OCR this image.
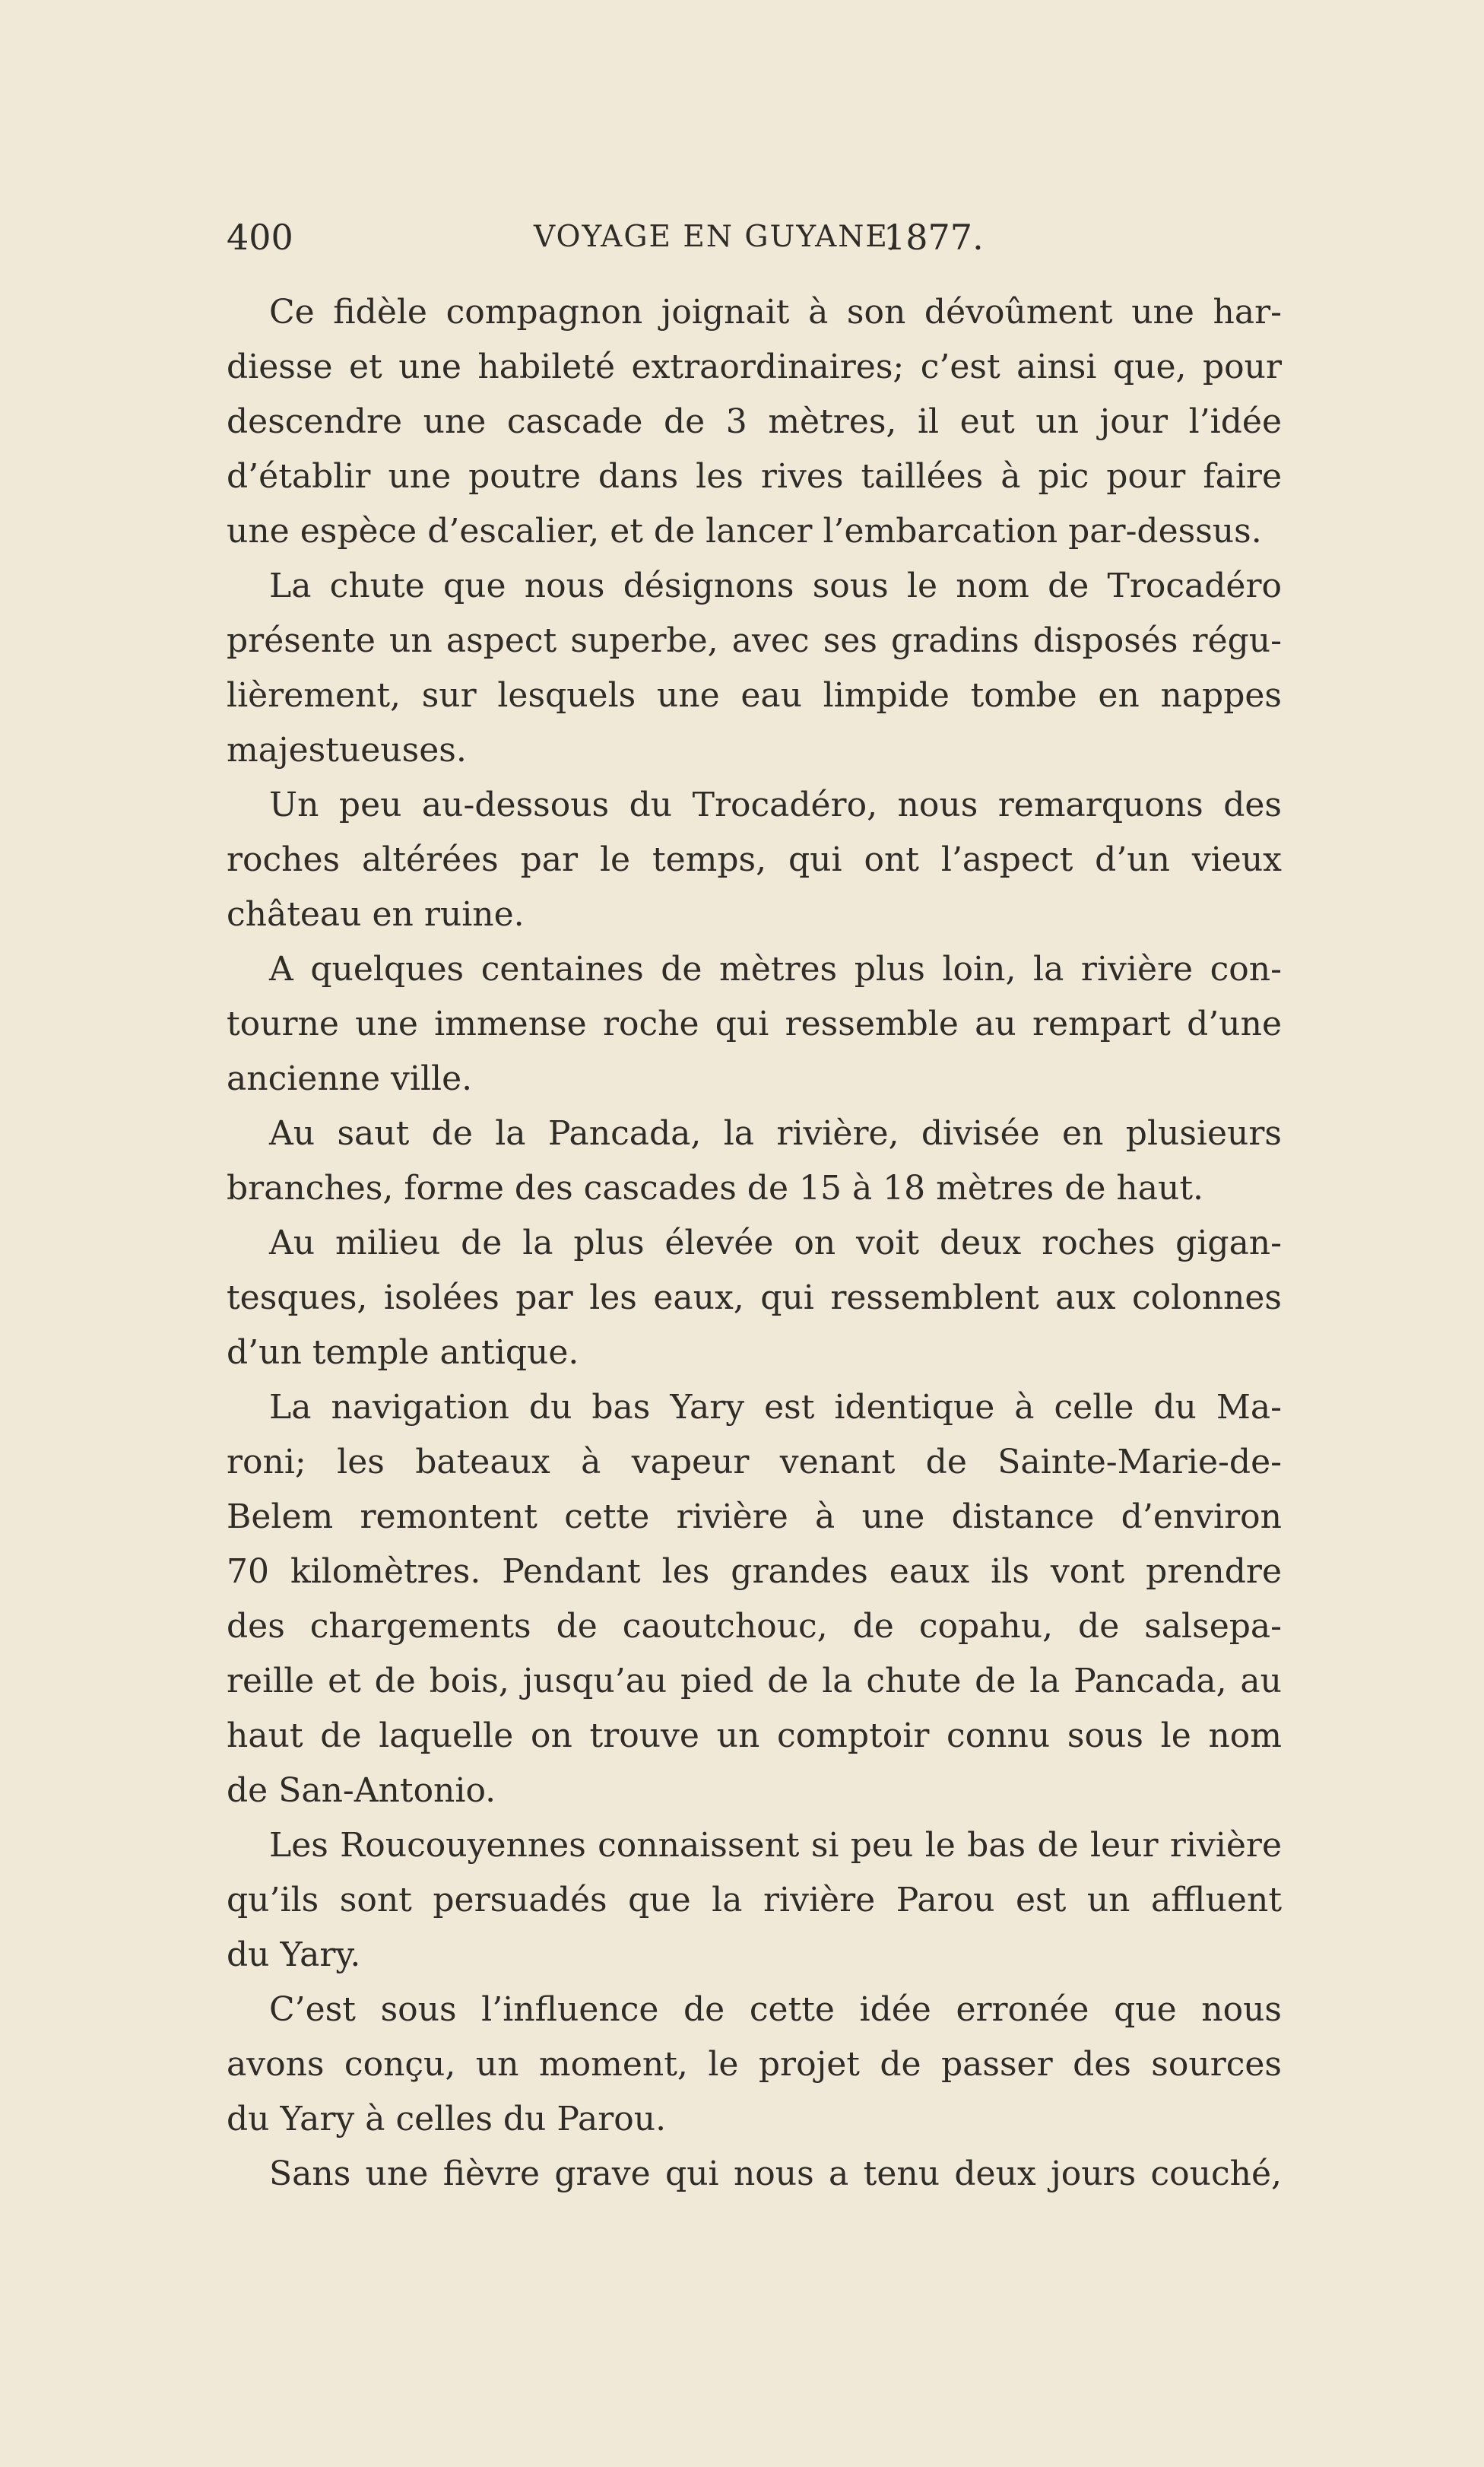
400	VOYAGE EN GUYANE,
1877.
Ce fidèle compagnon joignait à son dévoûment une har-
diesse et une habileté extraordinaires; c’est ainsi que, pour
descendre une cascade de 3 mètres, il eut un jour l’idée
d’établir une poutre dans les rives taillées à pic pour faire
une espèce d’escalier, et de lancer l’embarcation par-dessus.
La chute que nous désignons sous le nom de Trocadéro
présente un aspect superbe, avec ses gradins disposés régu-
lièrement, sur lesquels une eau limpide tombe en nappes
majestueuses.
Un peu au-dessous du Trocadéro, nous remarquons des
roches altérées par le temps, qui ont l’aspect d’un vieux
château en ruine.
A quelques centaines de mètres plus loin, la rivière con-
tourne une immense roche qui ressemble au rempart d’une
ancienne ville.
Au saut de la Pancada, la rivière, divisée en plusieurs
branches, forme des cascades de 15 à 18 mètres de haut.
Au milieu de la plus élevée on voit deux roches gigan-
tesques, isolées par les eaux, qui ressemblent aux colonnes
d’un temple antique.
La navigation du bas Yary est identique à celle du Ma-
roni; les bateaux à vapeur venant de Sainte-Marie-de-
Belem remontent cette rivière à une distance d’environ
70 kilomètres. Pendant les grandes eaux ils vont prendre
des chargements de caoutchouc, de copahu, de salsepa-
reille et de bois, jusqu’au pied de la chute de la Pancada, au
haut de laquelle on trouve un comptoir connu sous le nom
de San-Antonio.
Les Roucouyennes connaissent si peu le bas de leur rivière
qu’ils sont persuadés que la rivière Parou est un affluent
du Yary.
C’est sous l’influence de cette idée erronée que nous
avons conçu, un moment, le projet de passer des sources
du Yary à celles du Parou.
Sans une fièvre grave qui nous a tenu deux jours couché,
